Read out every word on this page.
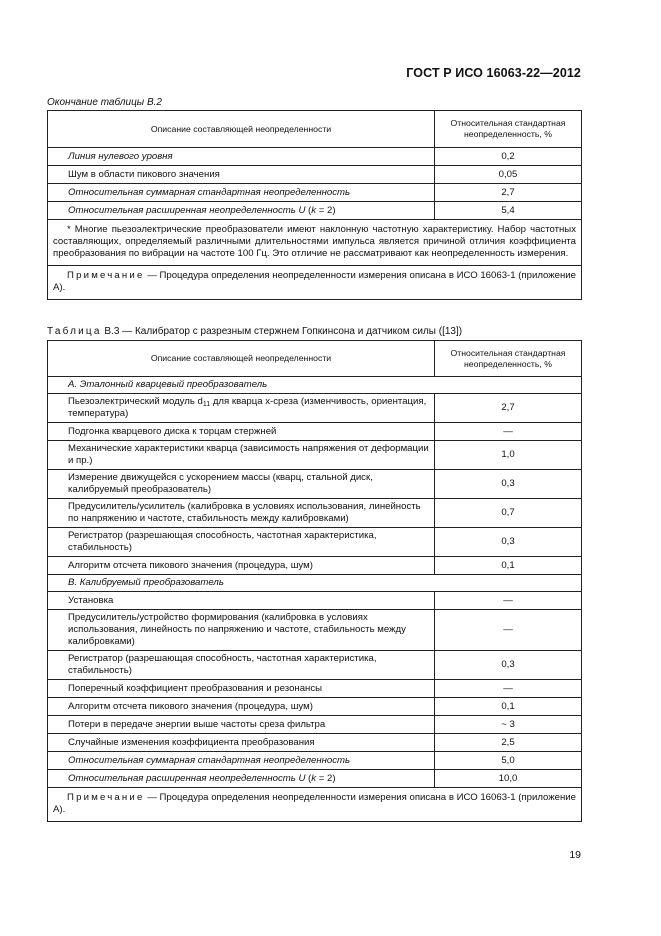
ГОСТ Р ИСО 16063-22—2012
Окончание таблицы В.2
Описание составляющей неопределенности	Относительная стандартная неопределенность, %
Линия нулевого уровня	0,2
Шум в области пикового значения	0,05
Относительная суммарная стандартная неопределенность	2,7
Относительная расширенная неопределенность U (k = 2)	5,4

* Многие пьезоэлектрические преобразователи имеют наклонную частотную характеристику. Набор частотных составляющих, определяемый различными длительностями импульса является причиной отличия коэффициента преобразования по вибрации на частоте 100 Гц. Это отличие не рассматривают как неопределенность измерения.	

Примечание — Процедура определения неопределенности измерения описана в ИСО 16063-1 (приложение А).	

Таблица В.3 — Калибратор с разрезным стержнем Гопкинсона и датчиком силы ([13])
Описание составляющей неопределенности	Относительная стандартная неопределенность, %
А. Эталонный кварцевый преобразователь	
Пьезоэлектрический модуль $d_{11}$ для кварца x-среза (изменчивость, ориентация, температура)	2,7
Подгонка кварцевого диска к торцам стержней	—
Механические характеристики кварца (зависимость напряжения от деформации и пр.)	1,0
Измерение движущейся с ускорением массы (кварц, стальной диск, калибруемый преобразователь)	0,3
Предусилитель/усилитель (калибровка в условиях использования, линейность по напряжению и частоте, стабильность между калибровками)	0,7
Регистратор (разрешающая способность, частотная характеристика, стабильность)	0,3
Алгоритм отсчета пикового значения (процедура, шум)	0,1
В. Калибруемый преобразователь	
Установка	—
Предусилитель/устройство формирования (калибровка в условиях использования, линейность по напряжению и частоте, стабильность между калибровками)	—
Регистратор (разрешающая способность, частотная характеристика, стабильность)	0,3
Поперечный коэффициент преобразования и резонансы	—
Алгоритм отсчета пикового значения (процедура, шум)	0,1
Потери в передаче энергии выше частоты среза фильтра	~ 3
Случайные изменения коэффициента преобразования	2,5
Относительная суммарная стандартная неопределенность	5,0
Относительная расширенная неопределенность U (k = 2)	10,0

Примечание — Процедура определения неопределенности измерения описана в ИСО 16063-1 (приложение А).	

19
